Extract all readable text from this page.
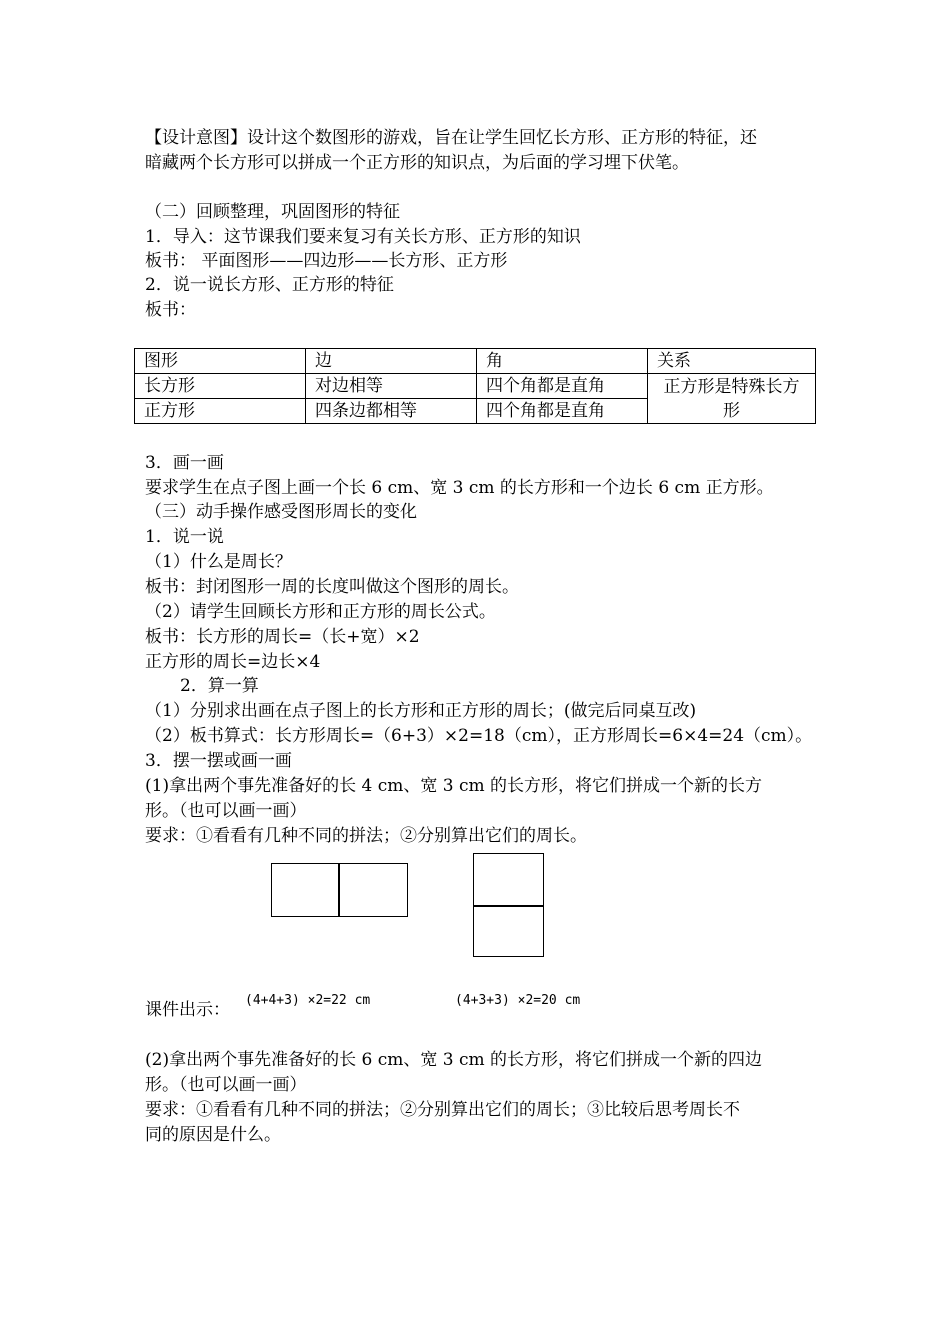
【设计意图】设计这个数图形的游戏，旨在让学生回忆长方形、正方形的特征，还
暗藏两个长方形可以拼成一个正方形的知识点，为后面的学习埋下伏笔。
（二）回顾整理，巩固图形的特征
1．导入：这节课我们要来复习有关长方形、正方形的知识
板书： 平面图形——四边形——长方形、正方形
2．说一说长方形、正方形的特征
板书：
图形	边	角	关系
长方形	对边相等	四个角都是直角	正方形是特殊长方形
正方形	四条边都相等	四个角都是直角	
3．画一画
要求学生在点子图上画一个长 6 cm、宽 3 cm 的长方形和一个边长 6 cm 正方形。
（三）动手操作感受图形周长的变化
1．说一说
（1）什么是周长？
板书：封闭图形一周的长度叫做这个图形的周长。
（2）请学生回顾长方形和正方形的周长公式。
板书：长方形的周长=（长+宽）×2
正方形的周长=边长×4
2．算一算
（1）分别求出画在点子图上的长方形和正方形的周长；(做完后同桌互改)
（2）板书算式：长方形周长=（6+3）×2=18（cm），正方形周长=6×4=24（cm）。
3．摆一摆或画一画
(1)拿出两个事先准备好的长 4 cm、宽 3 cm 的长方形，将它们拼成一个新的长方
形。（也可以画一画）
要求：①看看有几种不同的拼法；②分别算出它们的周长。
课件出示： (4+4+3) ×2=22 cm	(4+3+3) ×2=20 cm
(2)拿出两个事先准备好的长 6 cm、宽 3 cm 的长方形，将它们拼成一个新的四边
形。（也可以画一画）
要求：①看看有几种不同的拼法；②分别算出它们的周长；③比较后思考周长不
同的原因是什么。
